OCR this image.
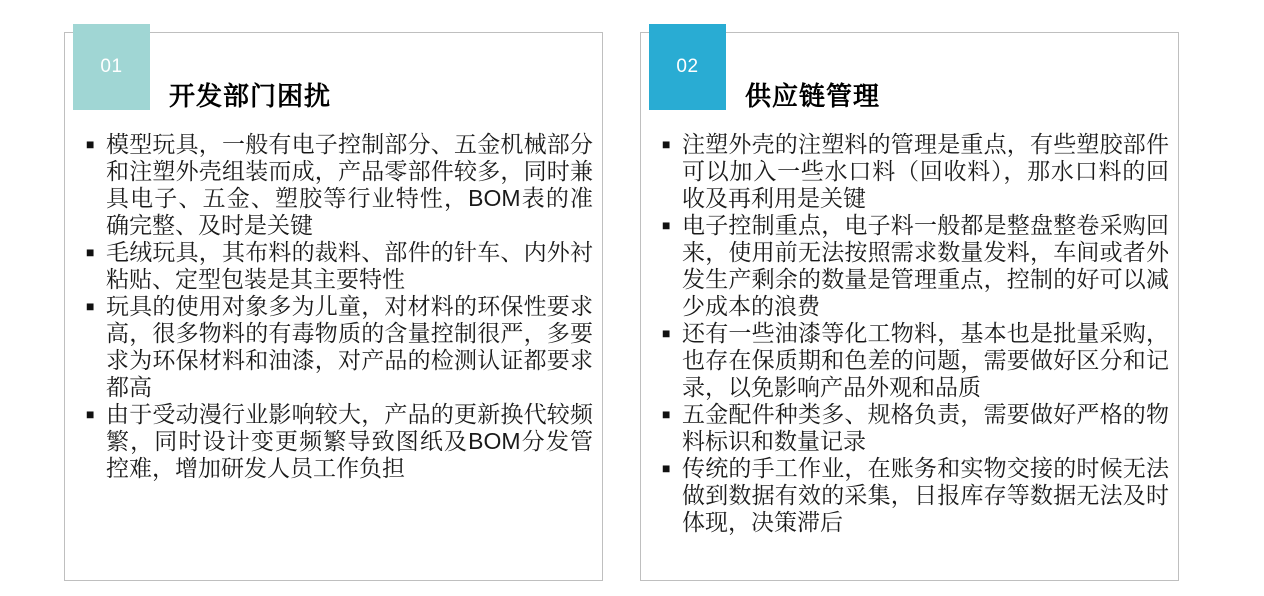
01
开发部门困扰
■ 模型玩具，一般有电子控制部分、五金机械部分和注塑外壳组装而成，产品零部件较多，同时兼具电子、五金、塑胶等行业特性，BOM表的准确完整、及时是关键
■ 毛绒玩具，其布料的裁料、部件的针车、内外衬粘贴、定型包装是其主要特性
■ 玩具的使用对象多为儿童，对材料的环保性要求高，很多物料的有毒物质的含量控制很严，多要求为环保材料和油漆，对产品的检测认证都要求都高
■ 由于受动漫行业影响较大，产品的更新换代较频繁，同时设计变更频繁导致图纸及BOM分发管控难，增加研发人员工作负担
02
供应链管理
■ 注塑外壳的注塑料的管理是重点，有些塑胶部件可以加入一些水口料（回收料），那水口料的回收及再利用是关键
■ 电子控制重点，电子料一般都是整盘整卷采购回来，使用前无法按照需求数量发料，车间或者外发生产剩余的数量是管理重点，控制的好可以减少成本的浪费
■ 还有一些油漆等化工物料，基本也是批量采购，也存在保质期和色差的问题，需要做好区分和记录，以免影响产品外观和品质
■ 五金配件种类多、规格负责，需要做好严格的物料标识和数量记录
■ 传统的手工作业，在账务和实物交接的时候无法做到数据有效的采集，日报库存等数据无法及时体现，决策滞后
